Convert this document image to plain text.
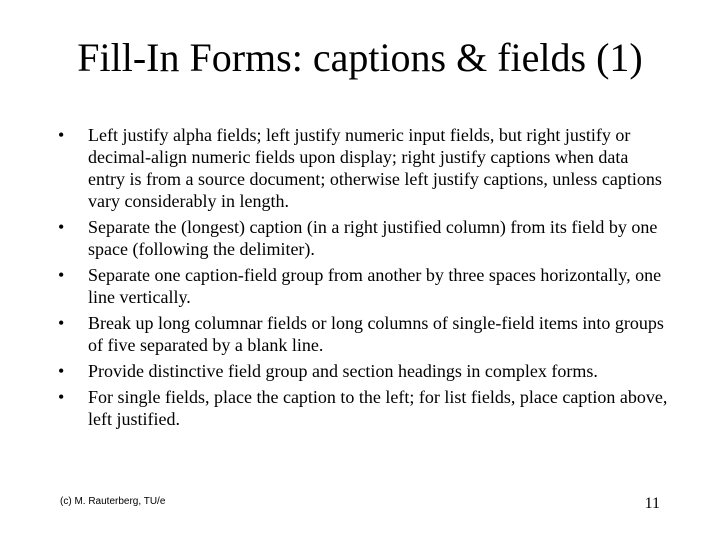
Fill-In Forms: captions & fields (1)
•	Left justify alpha fields; left justify numeric input fields, but right justify or decimal-align numeric fields upon display; right justify captions when data entry is from a source document; otherwise left justify captions, unless captions vary considerably in length.
•	Separate the (longest) caption (in a right justified column) from its field by one space (following the delimiter).
•	Separate one caption-field group from another by three spaces horizontally, one line vertically.
•	Break up long columnar fields or long columns of single-field items into groups of five separated by a blank line.
•	Provide distinctive field group and section headings in complex forms.
•	For single fields, place the caption to the left; for list fields, place caption above, left justified.
(c) M. Rauterberg, TU/e	11
